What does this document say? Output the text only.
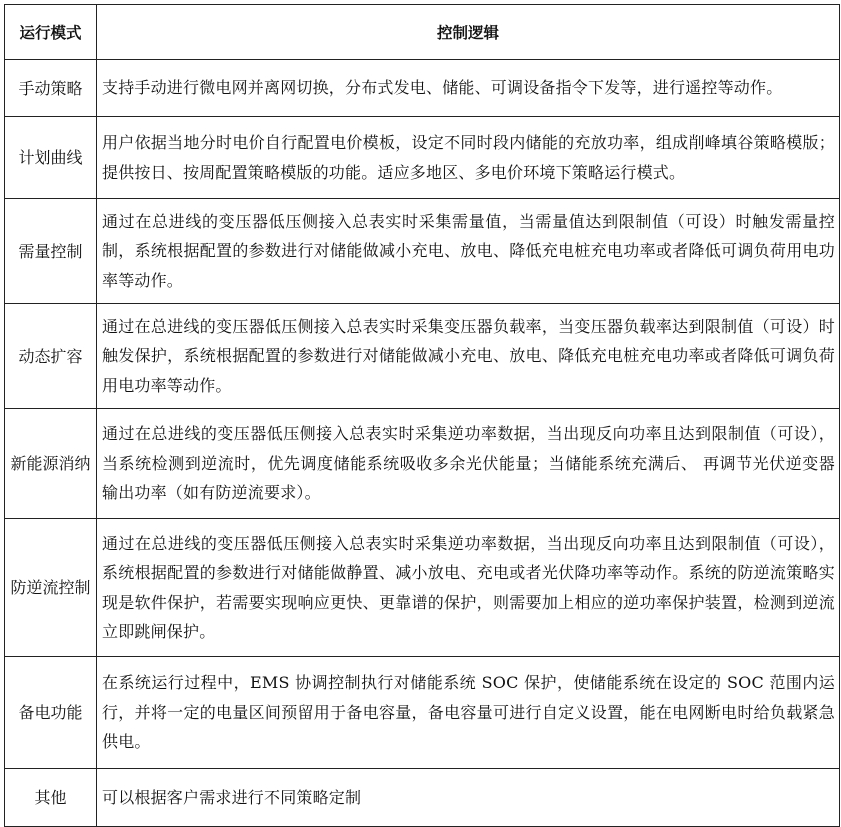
运行模式	控制逻辑
手动策略	支持手动进行微电网并离网切换，分布式发电、储能、可调设备指令下发等，进行遥控等动作。
计划曲线	用户依据当地分时电价自行配置电价模板，设定不同时段内储能的充放功率，组成削峰填谷策略模版；提供按日、按周配置策略模版的功能。适应多地区、多电价环境下策略运行模式。
需量控制	通过在总进线的变压器低压侧接入总表实时采集需量值，当需量值达到限制值（可设）时触发需量控制，系统根据配置的参数进行对储能做减小充电、放电、降低充电桩充电功率或者降低可调负荷用电功率等动作。
动态扩容	通过在总进线的变压器低压侧接入总表实时采集变压器负载率，当变压器负载率达到限制值（可设）时触发保护，系统根据配置的参数进行对储能做减小充电、放电、降低充电桩充电功率或者降低可调负荷用电功率等动作。
新能源消纳	通过在总进线的变压器低压侧接入总表实时采集逆功率数据，当出现反向功率且达到限制值（可设），当系统检测到逆流时，优先调度储能系统吸收多余光伏能量；当储能系统充满后、 再调节光伏逆变器输出功率（如有防逆流要求）。
防逆流控制	通过在总进线的变压器低压侧接入总表实时采集逆功率数据，当出现反向功率且达到限制值（可设），系统根据配置的参数进行对储能做静置、减小放电、充电或者光伏降功率等动作。系统的防逆流策略实现是软件保护，若需要实现响应更快、更靠谱的保护，则需要加上相应的逆功率保护装置，检测到逆流立即跳闸保护。
备电功能	在系统运行过程中，EMS 协调控制执行对储能系统 SOC 保护，使储能系统在设定的 SOC 范围内运行，并将一定的电量区间预留用于备电容量，备电容量可进行自定义设置，能在电网断电时给负载紧急供电。
其他	可以根据客户需求进行不同策略定制
